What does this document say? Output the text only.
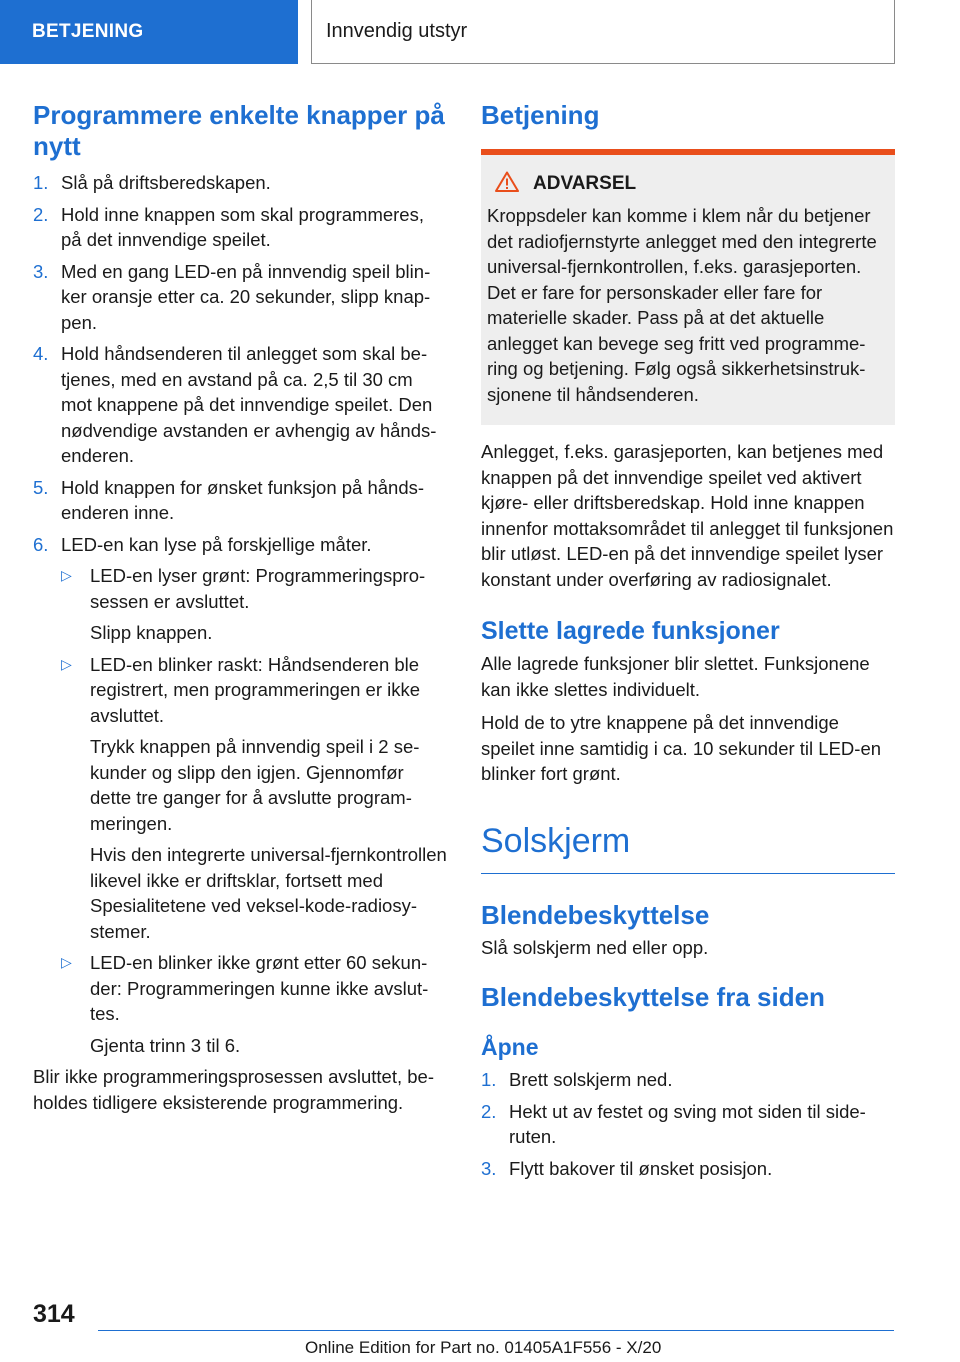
BETJENING	Innvendig utstyr
Programmere enkelte knapper på nytt
1. Slå på driftsberedskapen.
2. Hold inne knappen som skal programmeres, på det innvendige speilet.
3. Med en gang LED-en på innvendig speil blinker oransje etter ca. 20 sekunder, slipp knappen.
4. Hold håndsenderen til anlegget som skal betjenes, med en avstand på ca. 2,5 til 30 cm mot knappene på det innvendige speilet. Den nødvendige avstanden er avhengig av håndsenderen.
5. Hold knappen for ønsket funksjon på håndsenderen inne.
6. LED-en kan lyse på forskjellige måter.
▷ LED-en lyser grønt: Programmeringsprosessen er avsluttet.
Slipp knappen.
▷ LED-en blinker raskt: Håndsenderen ble registrert, men programmeringen er ikke avsluttet.
Trykk knappen på innvendig speil i 2 sekunder og slipp den igjen. Gjennomfør dette tre ganger for å avslutte programmeringen.
Hvis den integrerte universal-fjernkontrollen likevel ikke er driftsklar, fortsett med Spesialitetene ved veksel-kode-radiosystemer.
▷ LED-en blinker ikke grønt etter 60 sekunder: Programmeringen kunne ikke avsluttes.
Gjenta trinn 3 til 6.

Blir ikke programmeringsprosessen avsluttet, beholdes tidligere eksisterende programmering.

Betjening
ADVARSEL

Kroppsdeler kan komme i klem når du betjener det radiofjernstyrte anlegget med den integrerte universal-fjernkontrollen, f.eks. garasjeporten. Det er fare for personskader eller fare for materielle skader. Pass på at det aktuelle anlegget kan bevege seg fritt ved programmering og betjening. Følg også sikkerhetsinstruksjonene til håndsenderen.

Anlegget, f.eks. garasjeporten, kan betjenes med knappen på det innvendige speilet ved aktivert kjøre- eller driftsberedskap. Hold inne knappen innenfor mottaksområdet til anlegget til funksjonen blir utløst. LED-en på det innvendige speilet lyser konstant under overføring av radiosignalet.

Slette lagrede funksjoner

Alle lagrede funksjoner blir slettet. Funksjonene kan ikke slettes individuelt.

Hold de to ytre knappene på det innvendige speilet inne samtidig i ca. 10 sekunder til LED-en blinker fort grønt.

Solskjerm
Blendebeskyttelse

Slå solskjerm ned eller opp.

Blendebeskyttelse fra siden
Åpne
1. Brett solskjerm ned.
2. Hekt ut av festet og sving mot siden til sideruten.
3. Flytt bakover til ønsket posisjon.
314
Online Edition for Part no. 01405A1F556 - X/20
